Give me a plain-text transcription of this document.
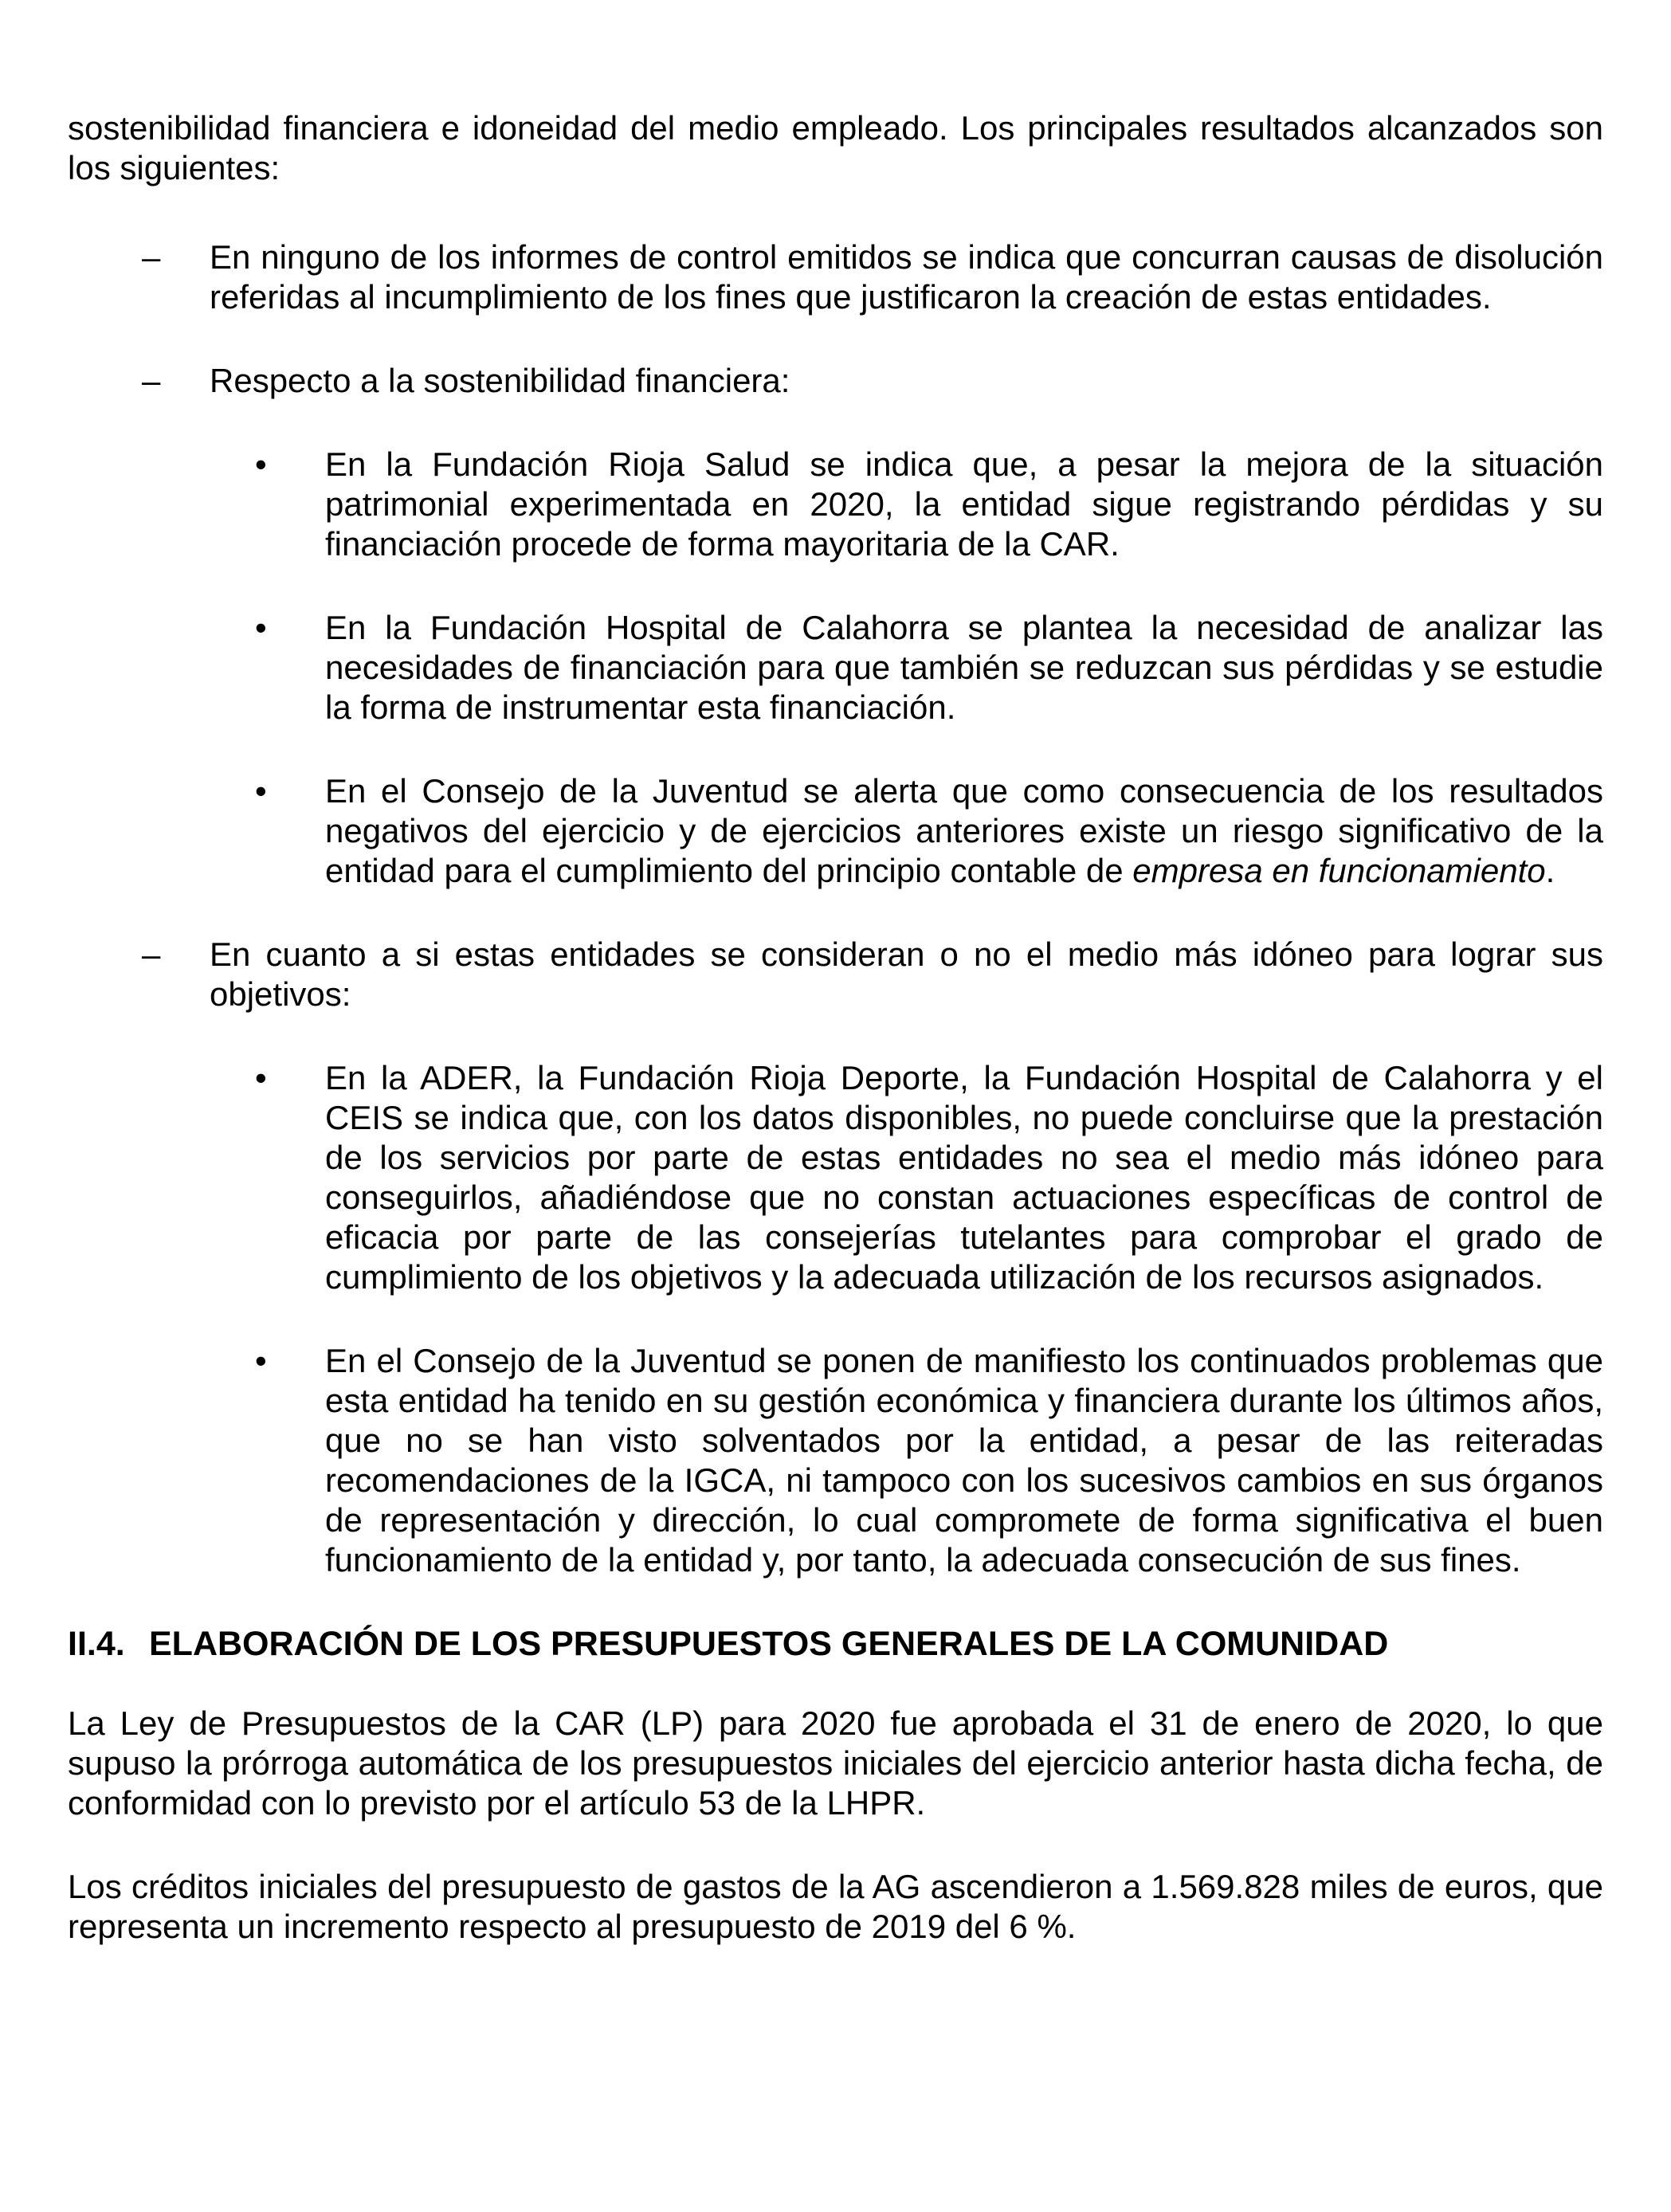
sostenibilidad financiera e idoneidad del medio empleado. Los principales resultados alcanzados son los siguientes:

– En ninguno de los informes de control emitidos se indica que concurran causas de disolución referidas al incumplimiento de los fines que justificaron la creación de estas entidades.
– Respecto a la sostenibilidad financiera:
• En la Fundación Rioja Salud se indica que, a pesar la mejora de la situación patrimonial experimentada en 2020, la entidad sigue registrando pérdidas y su financiación procede de forma mayoritaria de la CAR.
• En la Fundación Hospital de Calahorra se plantea la necesidad de analizar las necesidades de financiación para que también se reduzcan sus pérdidas y se estudie la forma de instrumentar esta financiación.
• En el Consejo de la Juventud se alerta que como consecuencia de los resultados negativos del ejercicio y de ejercicios anteriores existe un riesgo significativo de la entidad para el cumplimiento del principio contable de empresa en funcionamiento.
– En cuanto a si estas entidades se consideran o no el medio más idóneo para lograr sus objetivos:
• En la ADER, la Fundación Rioja Deporte, la Fundación Hospital de Calahorra y el CEIS se indica que, con los datos disponibles, no puede concluirse que la prestación de los servicios por parte de estas entidades no sea el medio más idóneo para conseguirlos, añadiéndose que no constan actuaciones específicas de control de eficacia por parte de las consejerías tutelantes para comprobar el grado de cumplimiento de los objetivos y la adecuada utilización de los recursos asignados.
• En el Consejo de la Juventud se ponen de manifiesto los continuados problemas que esta entidad ha tenido en su gestión económica y financiera durante los últimos años, que no se han visto solventados por la entidad, a pesar de las reiteradas recomendaciones de la IGCA, ni tampoco con los sucesivos cambios en sus órganos de representación y dirección, lo cual compromete de forma significativa el buen funcionamiento de la entidad y, por tanto, la adecuada consecución de sus fines.
II.4. ELABORACIÓN DE LOS PRESUPUESTOS GENERALES DE LA COMUNIDAD

La Ley de Presupuestos de la CAR (LP) para 2020 fue aprobada el 31 de enero de 2020, lo que supuso la prórroga automática de los presupuestos iniciales del ejercicio anterior hasta dicha fecha, de conformidad con lo previsto por el artículo 53 de la LHPR.

Los créditos iniciales del presupuesto de gastos de la AG ascendieron a 1.569.828 miles de euros, que representa un incremento respecto al presupuesto de 2019 del 6 %.
